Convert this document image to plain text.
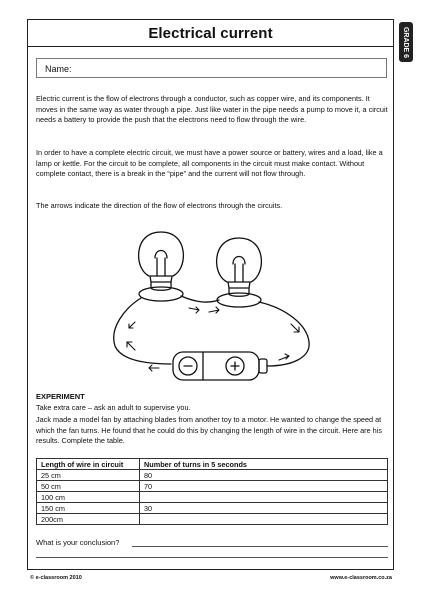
Electrical current	GRADE 6
Name:

Electric current is the flow of electrons through a conductor, such as copper wire, and its components. It moves in the same way as water through a pipe. Just like water in the pipe needs a pump to move it, a circuit needs a battery to provide the push that the electrons need to flow through the wire.

In order to have a complete electric circuit, we must have a power source or battery, wires and a load, like a lamp or kettle. For the circuit to be complete, all components in the circuit must make contact. Without complete contact, there is a break in the “pipe” and the current will not flow through.

The arrows indicate the direction of the flow of electrons through the circuits.

EXPERIMENT

Take extra care – ask an adult to supervise you.

Jack made a model fan by attaching blades from another toy to a motor. He wanted to change the speed at which the fan turns. He found that he could do this by changing the length of wire in the circuit. Here are his results. Complete the table.

Length of wire in circuit	Number of turns in 5 seconds
25 cm	80
50 cm	70
100 cm	
150 cm	30
200cm	
What is your conclusion?
© e-classroom 2010	www.e-classroom.co.za
